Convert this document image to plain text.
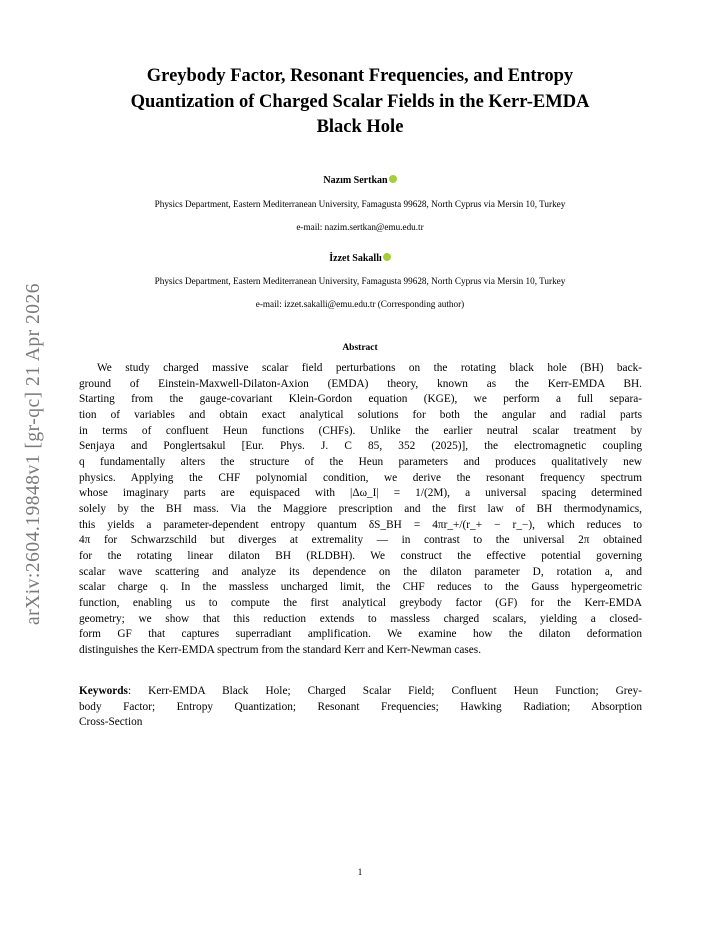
arXiv:2604.19848v1 [gr-qc] 21 Apr 2026
Greybody Factor, Resonant Frequencies, and Entropy
Quantization of Charged Scalar Fields in the Kerr-EMDA
Black Hole
Nazım Sertkan
Physics Department, Eastern Mediterranean University, Famagusta 99628, North Cyprus via Mersin 10, Turkey
e-mail: nazim.sertkan@emu.edu.tr
İzzet Sakallı
Physics Department, Eastern Mediterranean University, Famagusta 99628, North Cyprus via Mersin 10, Turkey
e-mail: izzet.sakalli@emu.edu.tr (Corresponding author)
Abstract
We study charged massive scalar field perturbations on the rotating black hole (BH) back-
ground of Einstein-Maxwell-Dilaton-Axion (EMDA) theory, known as the Kerr-EMDA BH.
Starting from the gauge-covariant Klein-Gordon equation (KGE), we perform a full separa-
tion of variables and obtain exact analytical solutions for both the angular and radial parts
in terms of confluent Heun functions (CHFs). Unlike the earlier neutral scalar treatment by
Senjaya and Ponglertsakul [Eur. Phys. J. C 85, 352 (2025)], the electromagnetic coupling
q fundamentally alters the structure of the Heun parameters and produces qualitatively new
physics. Applying the CHF polynomial condition, we derive the resonant frequency spectrum
whose imaginary parts are equispaced with |Δω_I| = 1/(2M), a universal spacing determined
solely by the BH mass. Via the Maggiore prescription and the first law of BH thermodynamics,
this yields a parameter-dependent entropy quantum δS_BH = 4πr_+/(r_+ − r_−), which reduces to
4π for Schwarzschild but diverges at extremality — in contrast to the universal 2π obtained
for the rotating linear dilaton BH (RLDBH). We construct the effective potential governing
scalar wave scattering and analyze its dependence on the dilaton parameter D, rotation a, and
scalar charge q. In the massless uncharged limit, the CHF reduces to the Gauss hypergeometric
function, enabling us to compute the first analytical greybody factor (GF) for the Kerr-EMDA
geometry; we show that this reduction extends to massless charged scalars, yielding a closed-
form GF that captures superradiant amplification. We examine how the dilaton deformation
distinguishes the Kerr-EMDA spectrum from the standard Kerr and Kerr-Newman cases.
Keywords: Kerr-EMDA Black Hole; Charged Scalar Field; Confluent Heun Function; Grey-
body Factor; Entropy Quantization; Resonant Frequencies; Hawking Radiation; Absorption
Cross-Section
1
